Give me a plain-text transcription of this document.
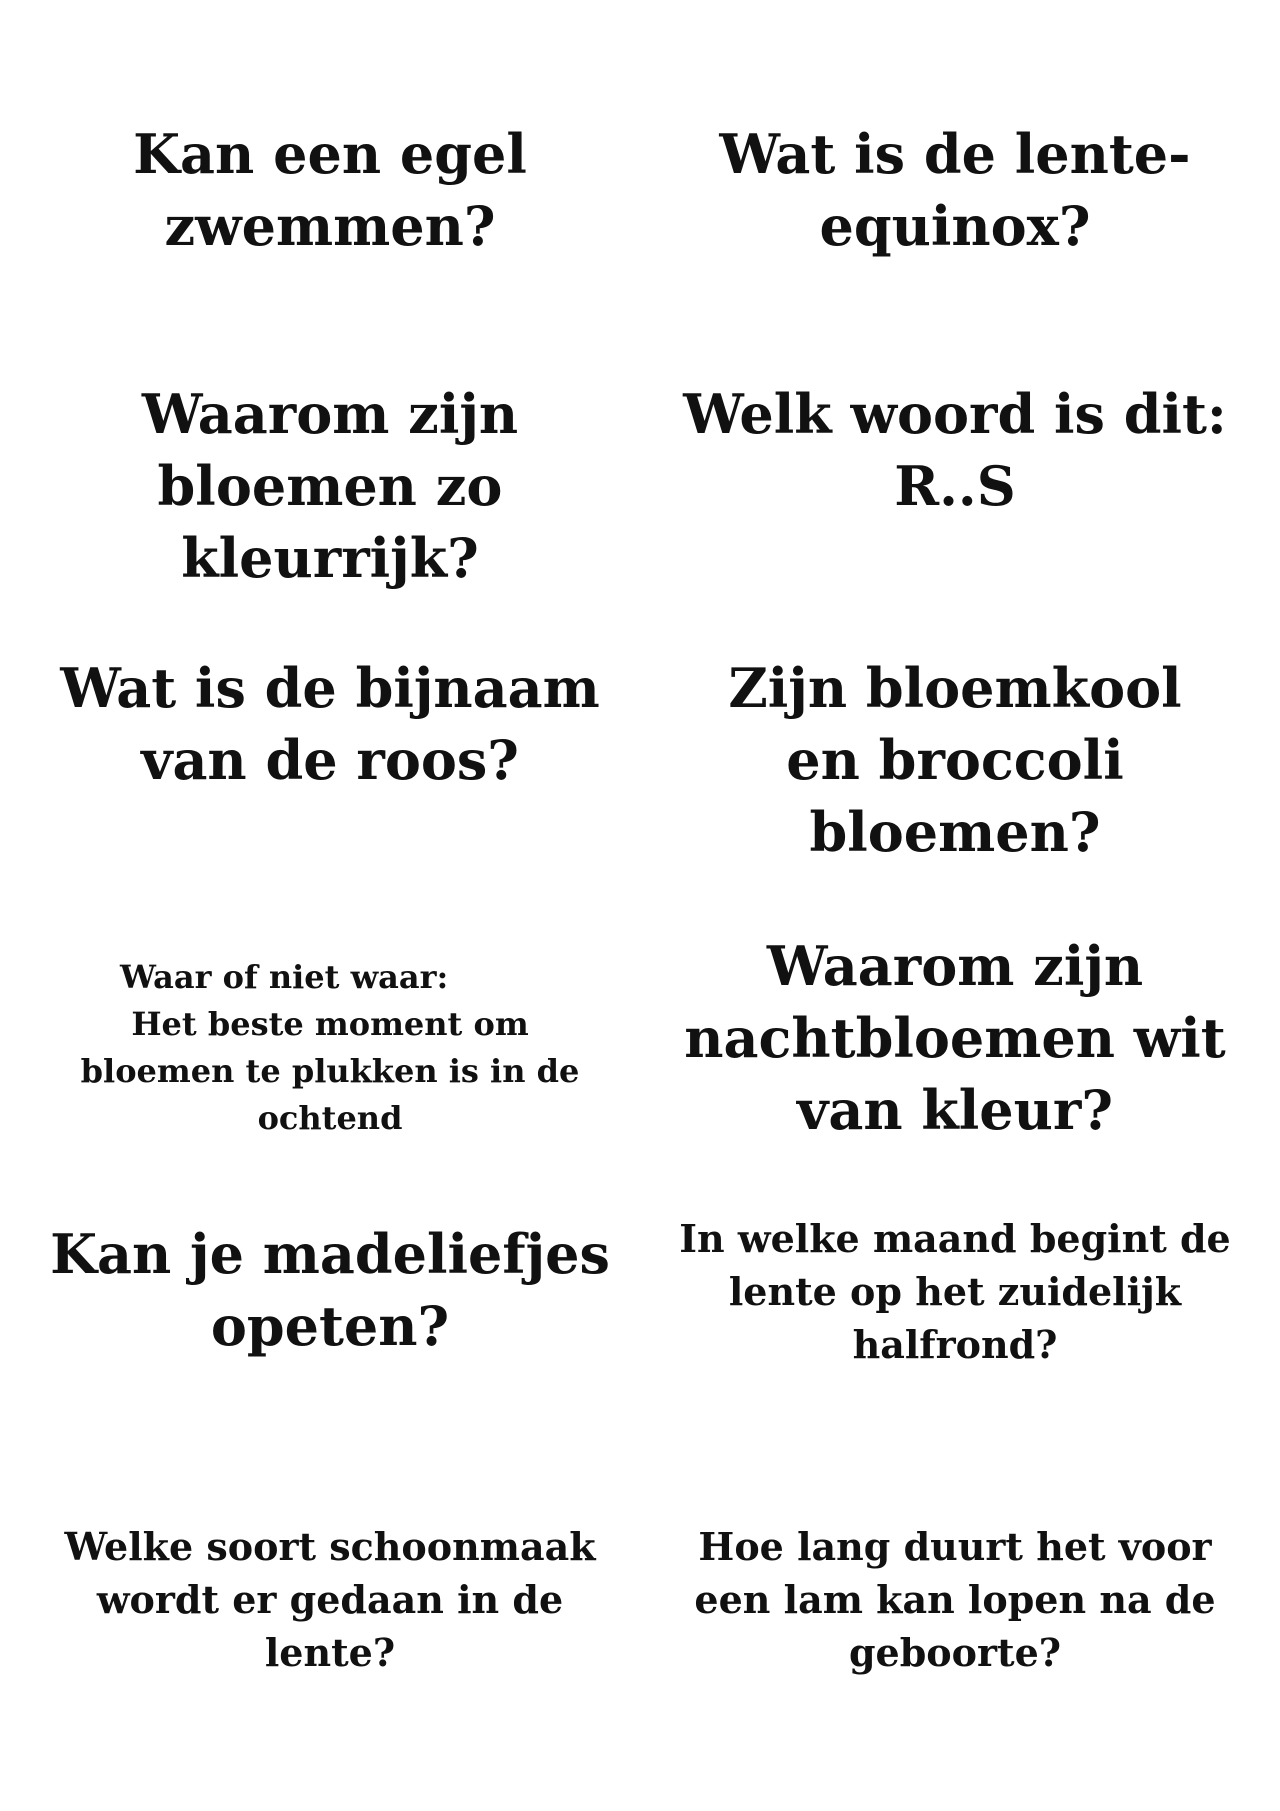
Kan een egel
zwemmen?
Wat is de lente-
equinox?
Waarom zijn
bloemen zo
kleurrijk?
Welk woord is dit:
R..S
Wat is de bijnaam
van de roos?
Zijn bloemkool
en broccoli
bloemen?
Waar of niet waar:
Het beste moment om
bloemen te plukken is in de
ochtend
Waarom zijn
nachtbloemen wit
van kleur?
Kan je madeliefjes
opeten?
In welke maand begint de
lente op het zuidelijk
halfrond?
Welke soort schoonmaak
wordt er gedaan in de
lente?
Hoe lang duurt het voor
een lam kan lopen na de
geboorte?
